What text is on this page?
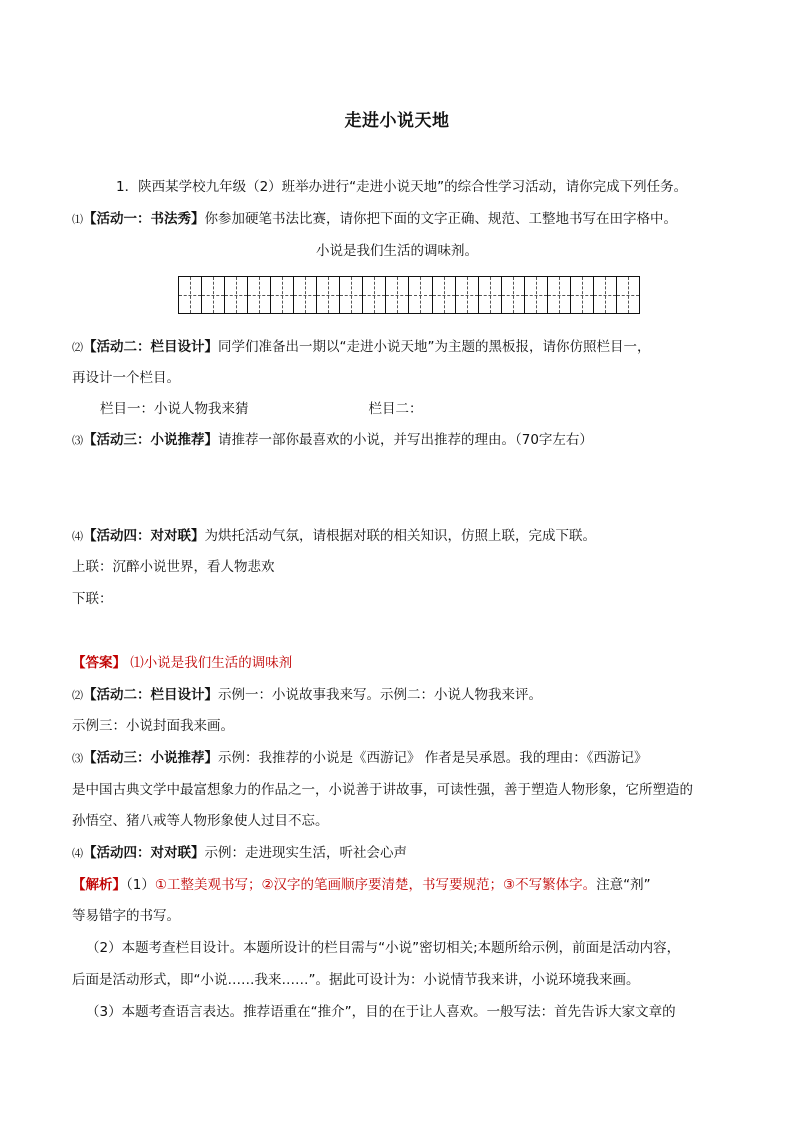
走进小说天地
1．陕西某学校九年级（2）班举办进行“走进小说天地”的综合性学习活动，请你完成下列任务。
⑴【活动一：书法秀】你参加硬笔书法比赛，请你把下面的文字正确、规范、工整地书写在田字格中。
小说是我们生活的调味剂。
⑵【活动二：栏目设计】同学们准备出一期以“走进小说天地”为主题的黑板报，请你仿照栏目一，
再设计一个栏目。
栏目一：小说人物我来猜	栏目二：
⑶【活动三：小说推荐】请推荐一部你最喜欢的小说，并写出推荐的理由。（70字左右）
⑷【活动四：对对联】为烘托活动气氛，请根据对联的相关知识，仿照上联，完成下联。
上联：沉醉小说世界，看人物悲欢
下联：
【答案】 ⑴小说是我们生活的调味剂
⑵【活动二：栏目设计】示例一：小说故事我来写。示例二：小说人物我来评。
示例三：小说封面我来画。
⑶【活动三：小说推荐】示例：我推荐的小说是《西游记》 作者是吴承恩。我的理由：《西游记》
是中国古典文学中最富想象力的作品之一，小说善于讲故事，可读性强，善于塑造人物形象，它所塑造的
孙悟空、猪八戒等人物形象使人过目不忘。
⑷【活动四：对对联】示例：走进现实生活，听社会心声
【解析】（1）①工整美观书写；②汉字的笔画顺序要清楚，书写要规范；③不写繁体字。注意“剂”
等易错字的书写。
（2）本题考查栏目设计。本题所设计的栏目需与“小说”密切相关;本题所给示例，前面是活动内容，
后面是活动形式，即“小说……我来……”。据此可设计为：小说情节我来讲，小说环境我来画。
（3）本题考查语言表达。推荐语重在“推介”，目的在于让人喜欢。一般写法：首先告诉大家文章的
